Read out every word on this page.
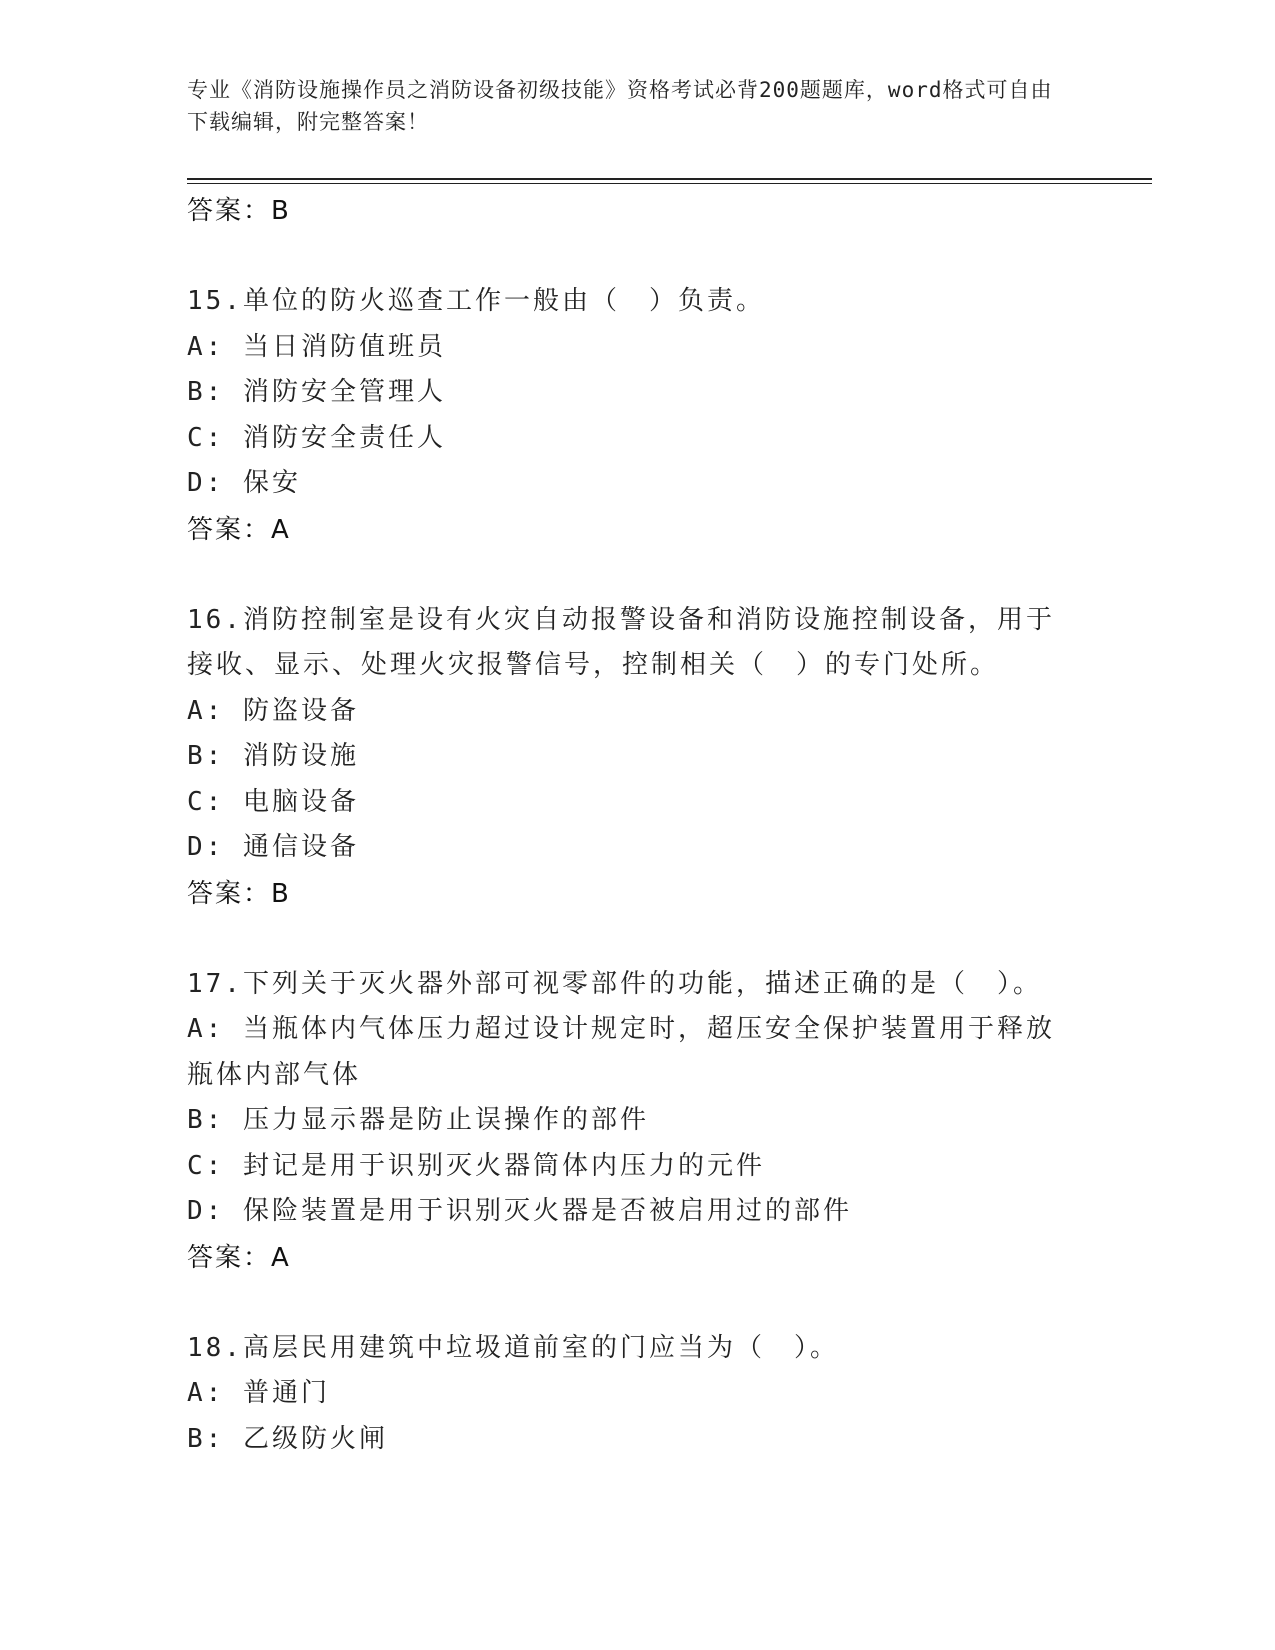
专业《消防设施操作员之消防设备初级技能》资格考试必背200题题库，word格式可自由下载编辑，附完整答案！
答案：B
15.单位的防火巡查工作一般由（　）负责。
A: 当日消防值班员
B: 消防安全管理人
C: 消防安全责任人
D: 保安
答案：A
16.消防控制室是设有火灾自动报警设备和消防设施控制设备，用于接收、显示、处理火灾报警信号，控制相关（　）的专门处所。
A: 防盗设备
B: 消防设施
C: 电脑设备
D: 通信设备
答案：B
17.下列关于灭火器外部可视零部件的功能，描述正确的是（　）。
A: 当瓶体内气体压力超过设计规定时，超压安全保护装置用于释放瓶体内部气体
B: 压力显示器是防止误操作的部件
C: 封记是用于识别灭火器筒体内压力的元件
D: 保险装置是用于识别灭火器是否被启用过的部件
答案：A
18.高层民用建筑中垃圾道前室的门应当为（　）。
A: 普通门
B: 乙级防火闸
